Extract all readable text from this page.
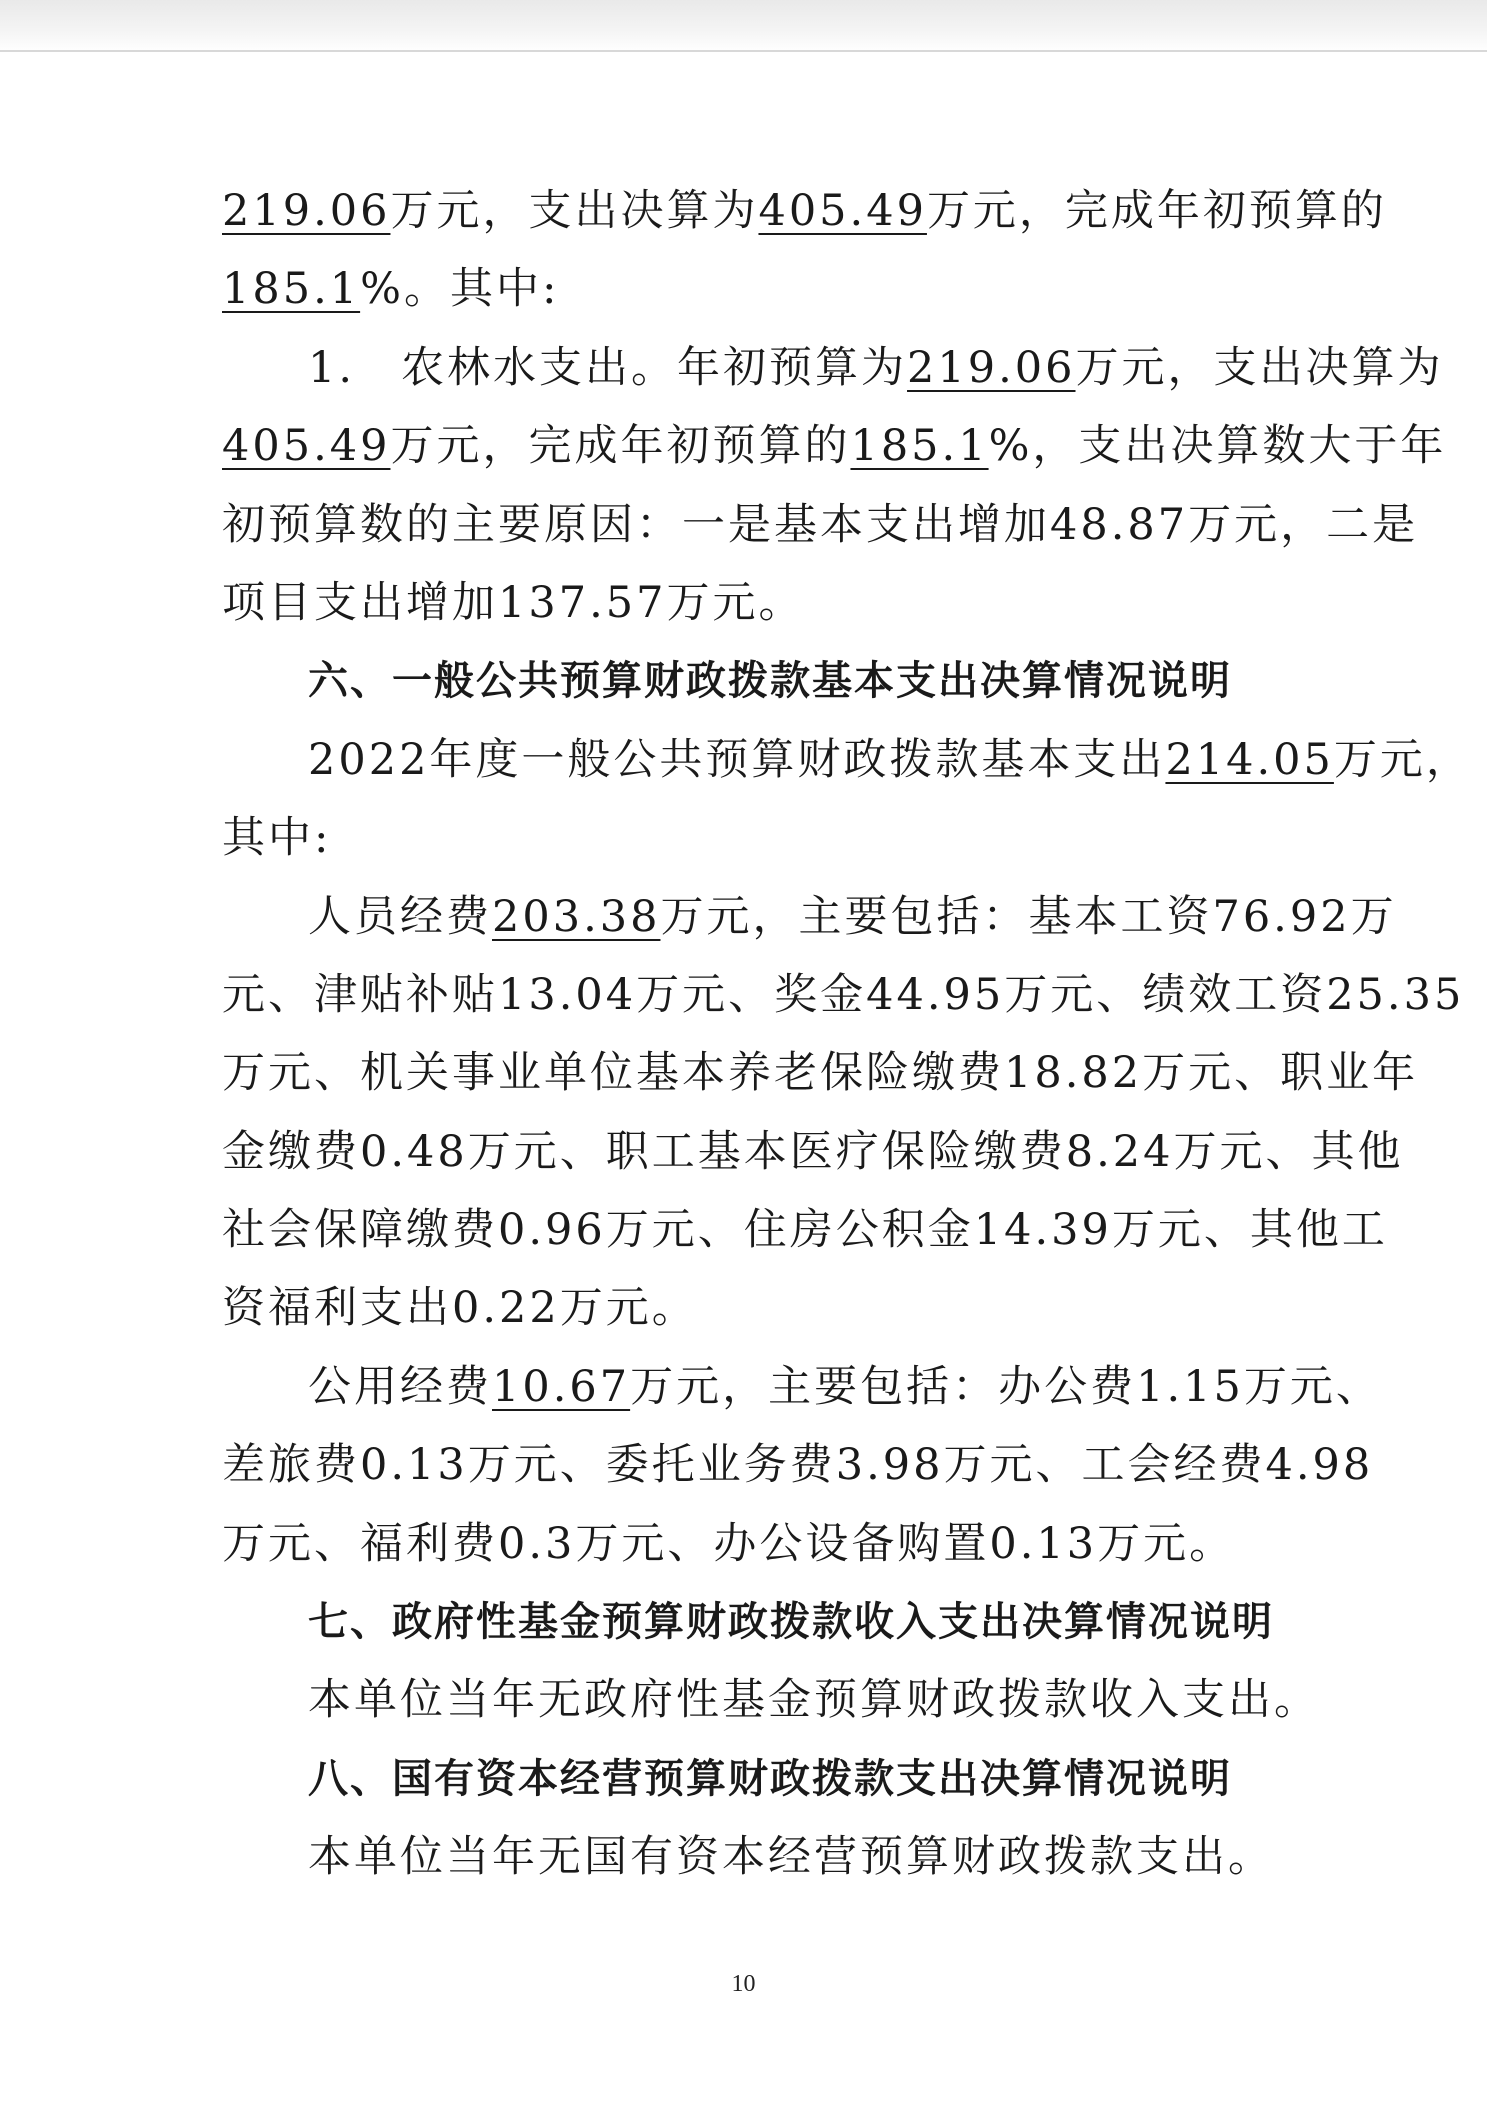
219.06 万元，支出决算为 405.49 万元，完成年初预算的
185.1 %。其中:
1.　农林水支出。年初预算为 219.06 万元，支出决算为
405.49 万元，完成年初预算的 185.1 %，支出决算数大于年
初预算数的主要原因：一是基本支出增加48.87万元，二是
项目支出增加137.57万元。
六、一般公共预算财政拨款基本支出决算情况说明
2022年度一般公共预算财政拨款基本支出 214.05 万元，
其中:
人员经费 203.38 万元，主要包括：基本工资76.92万
元、津贴补贴13.04万元、奖金44.95万元、绩效工资25.35
万元、机关事业单位基本养老保险缴费18.82万元、职业年
金缴费0.48万元、职工基本医疗保险缴费8.24万元、其他
社会保障缴费0.96万元、住房公积金14.39万元、其他工
资福利支出0.22万元。
公用经费 10.67 万元，主要包括：办公费1.15万元、
差旅费0.13万元、委托业务费3.98万元、工会经费4.98
万元、福利费0.3万元、办公设备购置0.13万元。
七、政府性基金预算财政拨款收入支出决算情况说明
本单位当年无政府性基金预算财政拨款收入支出。
八、国有资本经营预算财政拨款支出决算情况说明
本单位当年无国有资本经营预算财政拨款支出。
10
